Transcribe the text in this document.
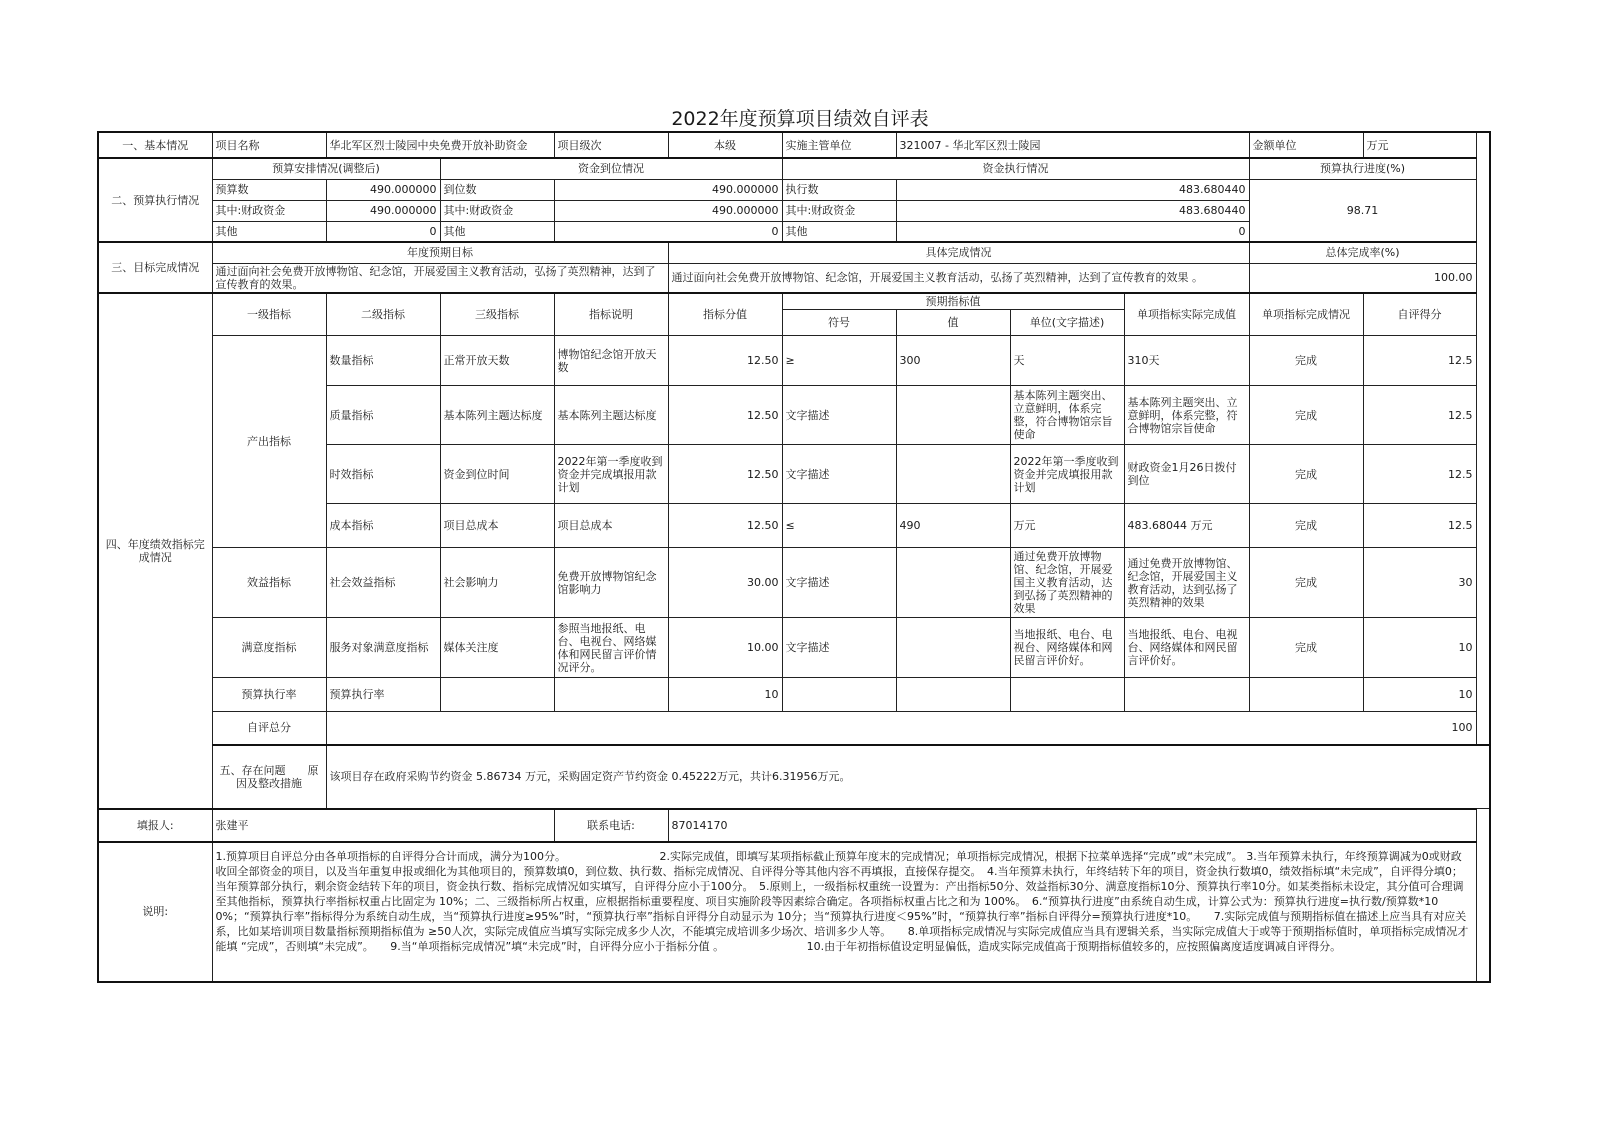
2022年度预算项目绩效自评表
一、基本情况	项目名称	华北军区烈士陵园中央免费开放补助资金		项目级次	本级	实施主管单位	321007 - 华北军区烈士陵园			金额单位	万元
二、预算执行情况	预算安排情况(调整后)		资金到位情况			资金执行情况				预算执行进度(%)	
	预算数	490.000000	到位数	490.000000		执行数	483.680440			98.71	
	其中:财政资金	490.000000	其中:财政资金	490.000000		其中:财政资金	483.680440				
	其他	0	其他	0		其他	0				
三、目标完成情况	年度预期目标				具体完成情况					总体完成率(%)	
	通过面向社会免费开放博物馆、纪念馆，开展爱国主义教育活动，弘扬了英烈精神，达到了宣传教育的效果。				通过面向社会免费开放博物馆、纪念馆，开展爱国主义教育活动，弘扬了英烈精神，达到了宣传教育的效果 。					100.00	
四、年度绩效指标完成情况	一级指标	二级指标	三级指标	指标说明	指标分值	预期指标值			单项指标实际完成值	单项指标完成情况	自评得分
						符号	值	单位(文字描述)			
	产出指标	数量指标	正常开放天数	博物馆纪念馆开放天数	12.50	≥	300	天	310天	完成	12.5
		质量指标	基本陈列主题达标度	基本陈列主题达标度	12.50	文字描述		基本陈列主题突出、立意鲜明，体系完整，符合博物馆宗旨使命	基本陈列主题突出、立意鲜明，体系完整，符合博物馆宗旨使命	完成	12.5
		时效指标	资金到位时间	2022年第一季度收到资金并完成填报用款计划	12.50	文字描述		2022年第一季度收到资金并完成填报用款计划	财政资金1月26日拨付到位	完成	12.5
		成本指标	项目总成本	项目总成本	12.50	≤	490	万元	483.68044 万元	完成	12.5
	效益指标	社会效益指标	社会影响力	免费开放博物馆纪念馆影响力	30.00	文字描述		通过免费开放博物馆、纪念馆，开展爱国主义教育活动，达到弘扬了英烈精神的效果	通过免费开放博物馆、纪念馆，开展爱国主义教育活动，达到弘扬了英烈精神的效果	完成	30
	满意度指标	服务对象满意度指标	媒体关注度	参照当地报纸、电台、电视台、网络媒体和网民留言评价情况评分。	10.00	文字描述		当地报纸、电台、电视台、网络媒体和网民留言评价好。	当地报纸、电台、电视台、网络媒体和网民留言评价好。	完成	10
	预算执行率	预算执行率			10						10
	自评总分	100									
	五、存在问题　　原因及整改措施	该项目存在政府采购节约资金 5.86734 万元，采购固定资产节约资金 0.45222万元，共计6.31956万元。									
填报人:	张建平			联系电话:	87014170						
说明:	1.预算项目自评总分由各单项指标的自评得分合计而成，满分为100分。　　　　　　　　　2.实际完成值，即填写某项指标截止预算年度末的完成情况；单项指标完成情况，根据下拉菜单选择“完成”或“未完成”。 3.当年预算未执行，年终预算调减为0或财政收回全部资金的项目，以及当年重复申报或细化为其他项目的，预算数填0，到位数、执行数、指标完成情况、自评得分等其他内容不再填报，直接保存提交。　4.当年预算未执行，年终结转下年的项目，资金执行数填0，绩效指标填“未完成”，自评得分填0；当年预算部分执行，剩余资金结转下年的项目，资金执行数、指标完成情况如实填写，自评得分应小于100分。　5.原则上，一级指标权重统一设置为：产出指标50分、效益指标30分、满意度指标10分、预算执行率10分。如某类指标未设定，其分值可合理调至其他指标，预算执行率指标权重占比固定为 10%；二、三级指标所占权重，应根据指标重要程度、项目实施阶段等因素综合确定。各项指标权重占比之和为 100%。　6.“预算执行进度”由系统自动生成，计算公式为：预算执行进度=执行数/预算数*100%；“预算执行率”指标得分为系统自动生成，当“预算执行进度≥95%”时，“预算执行率”指标自评得分自动显示为 10分；当“预算执行进度＜95%”时，“预算执行率”指标自评得分=预算执行进度*10。　　7.实际完成值与预期指标值在描述上应当具有对应关系，比如某培训项目数量指标预期指标值为 ≥50人次，实际完成值应当填写实际完成多少人次，不能填完成培训多少场次、培训多少人等。　　8.单项指标完成情况与实际完成值应当具有逻辑关系，当实际完成值大于或等于预期指标值时，单项指标完成情况才能填 “完成”，否则填“未完成”。　　9.当“单项指标完成情况”填“未完成”时，自评得分应小于指标分值 。　　　　　　　　10.由于年初指标值设定明显偏低，造成实际完成值高于预期指标值较多的，应按照偏离度适度调减自评得分。										
